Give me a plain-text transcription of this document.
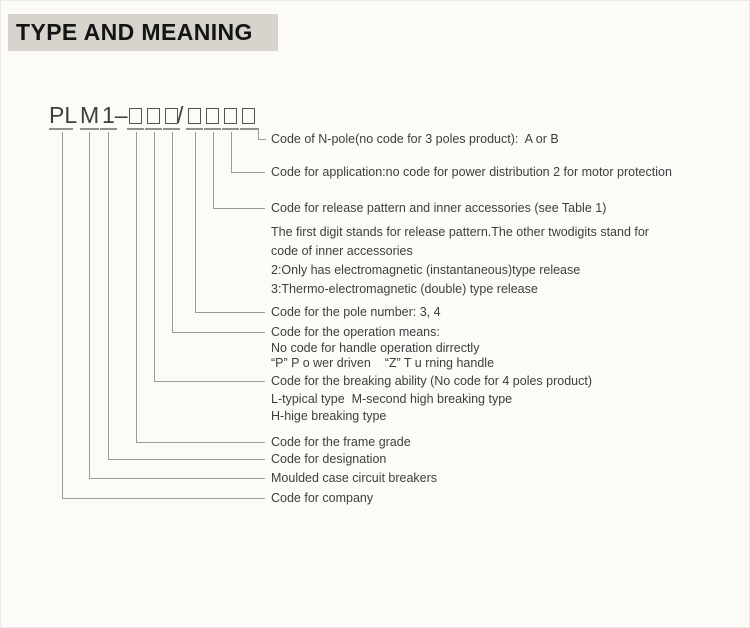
TYPE AND MEANING
PL M 1– /
Code of N-pole(no code for 3 poles product):  A or B
Code for application:no code for power distribution 2 for motor protection
Code for release pattern and inner accessories (see Table 1)
The first digit stands for release pattern.The other twodigits stand for
code of inner accessories
2:Only has electromagnetic (instantaneous)type release
3:Thermo-electromagnetic (double) type release
Code for the pole number: 3, 4
Code for the operation means:
No code for handle operation dirrectly
“P” P o wer driven    “Z” T u rning handle
Code for the breaking ability (No code for 4 poles product)
L-typical type  M-second high breaking type
H-hige breaking type
Code for the frame grade
Code for designation
Moulded case circuit breakers
Code for company
